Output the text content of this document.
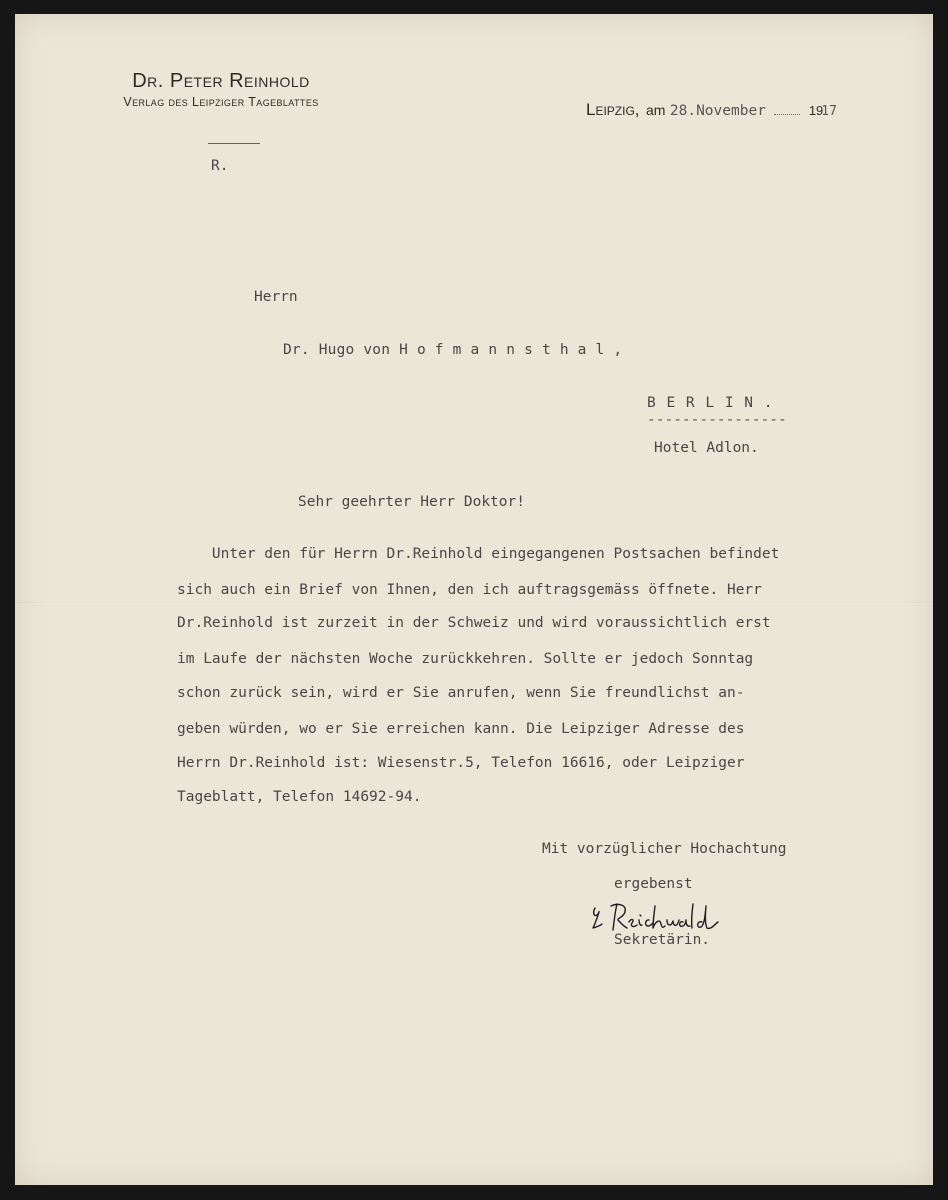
Dr. Peter Reinhold
Verlag des Leipziger Tageblattes	Leipzig, am 28.November	1917
R.
Herrn
Dr. Hugo von H o f m a n n s t h a l ,
B E R L I N .
----------------
Hotel Adlon.
Sehr geehrter Herr Doktor!
Unter den für Herrn Dr.Reinhold eingegangenen Postsachen befindet
sich auch ein Brief von Ihnen, den ich auftragsgemäss öffnete. Herr
Dr.Reinhold ist zurzeit in der Schweiz und wird voraussichtlich erst
im Laufe der nächsten Woche zurückkehren. Sollte er jedoch Sonntag
schon zurück sein, wird er Sie anrufen, wenn Sie freundlichst an-
geben würden, wo er Sie erreichen kann. Die Leipziger Adresse des
Herrn Dr.Reinhold ist: Wiesenstr.5, Telefon 16616, oder Leipziger
Tageblatt, Telefon 14692-94.
Mit vorzüglicher Hochachtung
ergebenst
Sekretärin.
